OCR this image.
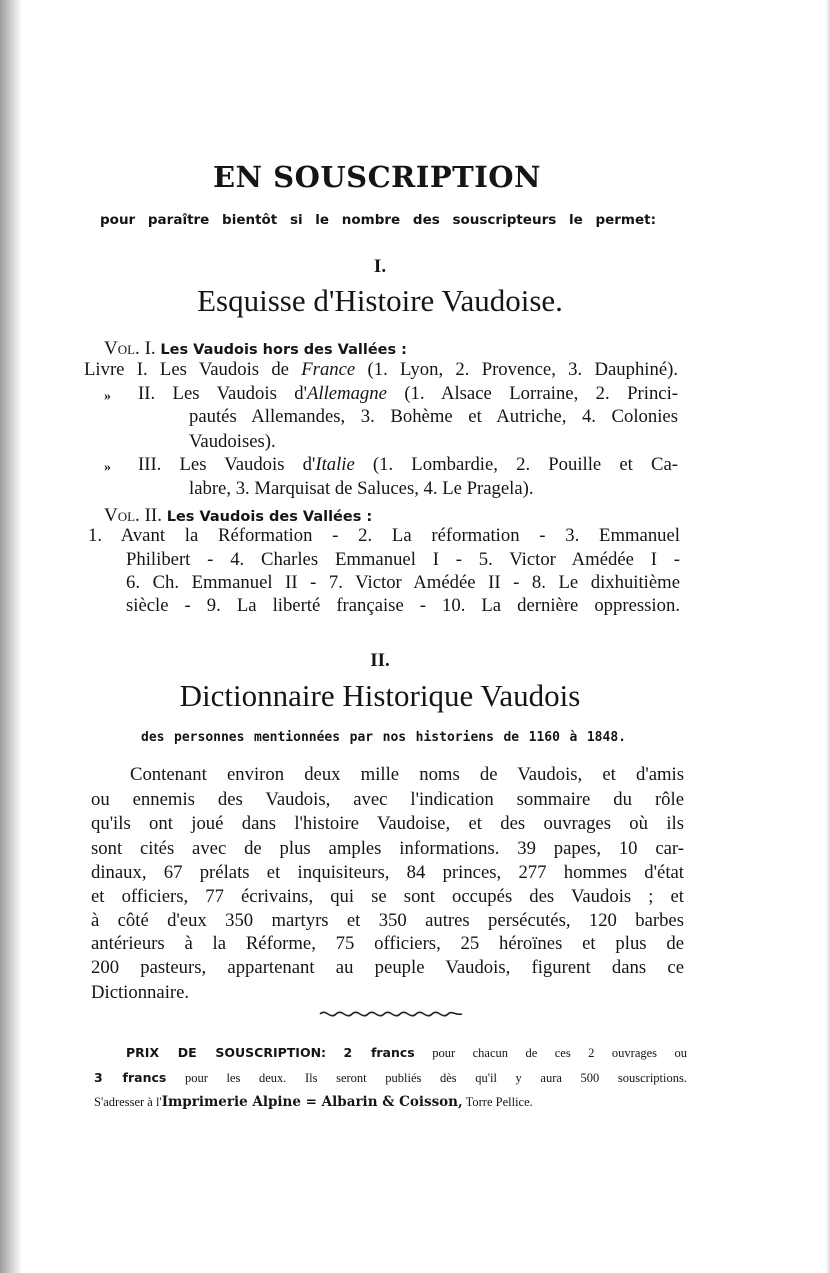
EN SOUSCRIPTION
pour paraître bientôt si le nombre des souscripteurs le permet:
I.
Esquisse d'Histoire Vaudoise.
Vol. I. Les Vaudois hors des Vallées :
Livre I. Les Vaudois de France (1. Lyon, 2. Provence, 3. Dauphiné).
» II. Les Vaudois d'Allemagne (1. Alsace Lorraine, 2. Princi-
pautés Allemandes, 3. Bohème et Autriche, 4. Colonies
Vaudoises).
» III. Les Vaudois d'Italie (1. Lombardie, 2. Pouille et Ca-
labre, 3. Marquisat de Saluces, 4. Le Pragela).
Vol. II. Les Vaudois des Vallées :
1. Avant la Réformation - 2. La réformation - 3. Emmanuel
Philibert - 4. Charles Emmanuel I - 5. Victor Amédée I -
6. Ch. Emmanuel II - 7. Victor Amédée II - 8. Le dixhuitième
siècle - 9. La liberté française - 10. La dernière oppression.
II.
Dictionnaire Historique Vaudois
des personnes mentionnées par nos historiens de 1160 à 1848.
Contenant environ deux mille noms de Vaudois, et d'amis
ou ennemis des Vaudois, avec l'indication sommaire du rôle
qu'ils ont joué dans l'histoire Vaudoise, et des ouvrages où ils
sont cités avec de plus amples informations. 39 papes, 10 car-
dinaux, 67 prélats et inquisiteurs, 84 princes, 277 hommes d'état
et officiers, 77 écrivains, qui se sont occupés des Vaudois ; et
à côté d'eux 350 martyrs et 350 autres persécutés, 120 barbes
antérieurs à la Réforme, 75 officiers, 25 héroïnes et plus de
200 pasteurs, appartenant au peuple Vaudois, figurent dans ce
Dictionnaire.
PRIX DE SOUSCRIPTION: 2 francs pour chacun de ces 2 ouvrages ou
3 francs pour les deux. Ils seront publiés dès qu'il y aura 500 souscriptions.
S'adresser à l'Imprimerie Alpine = Albarin & Coisson, Torre Pellice.
